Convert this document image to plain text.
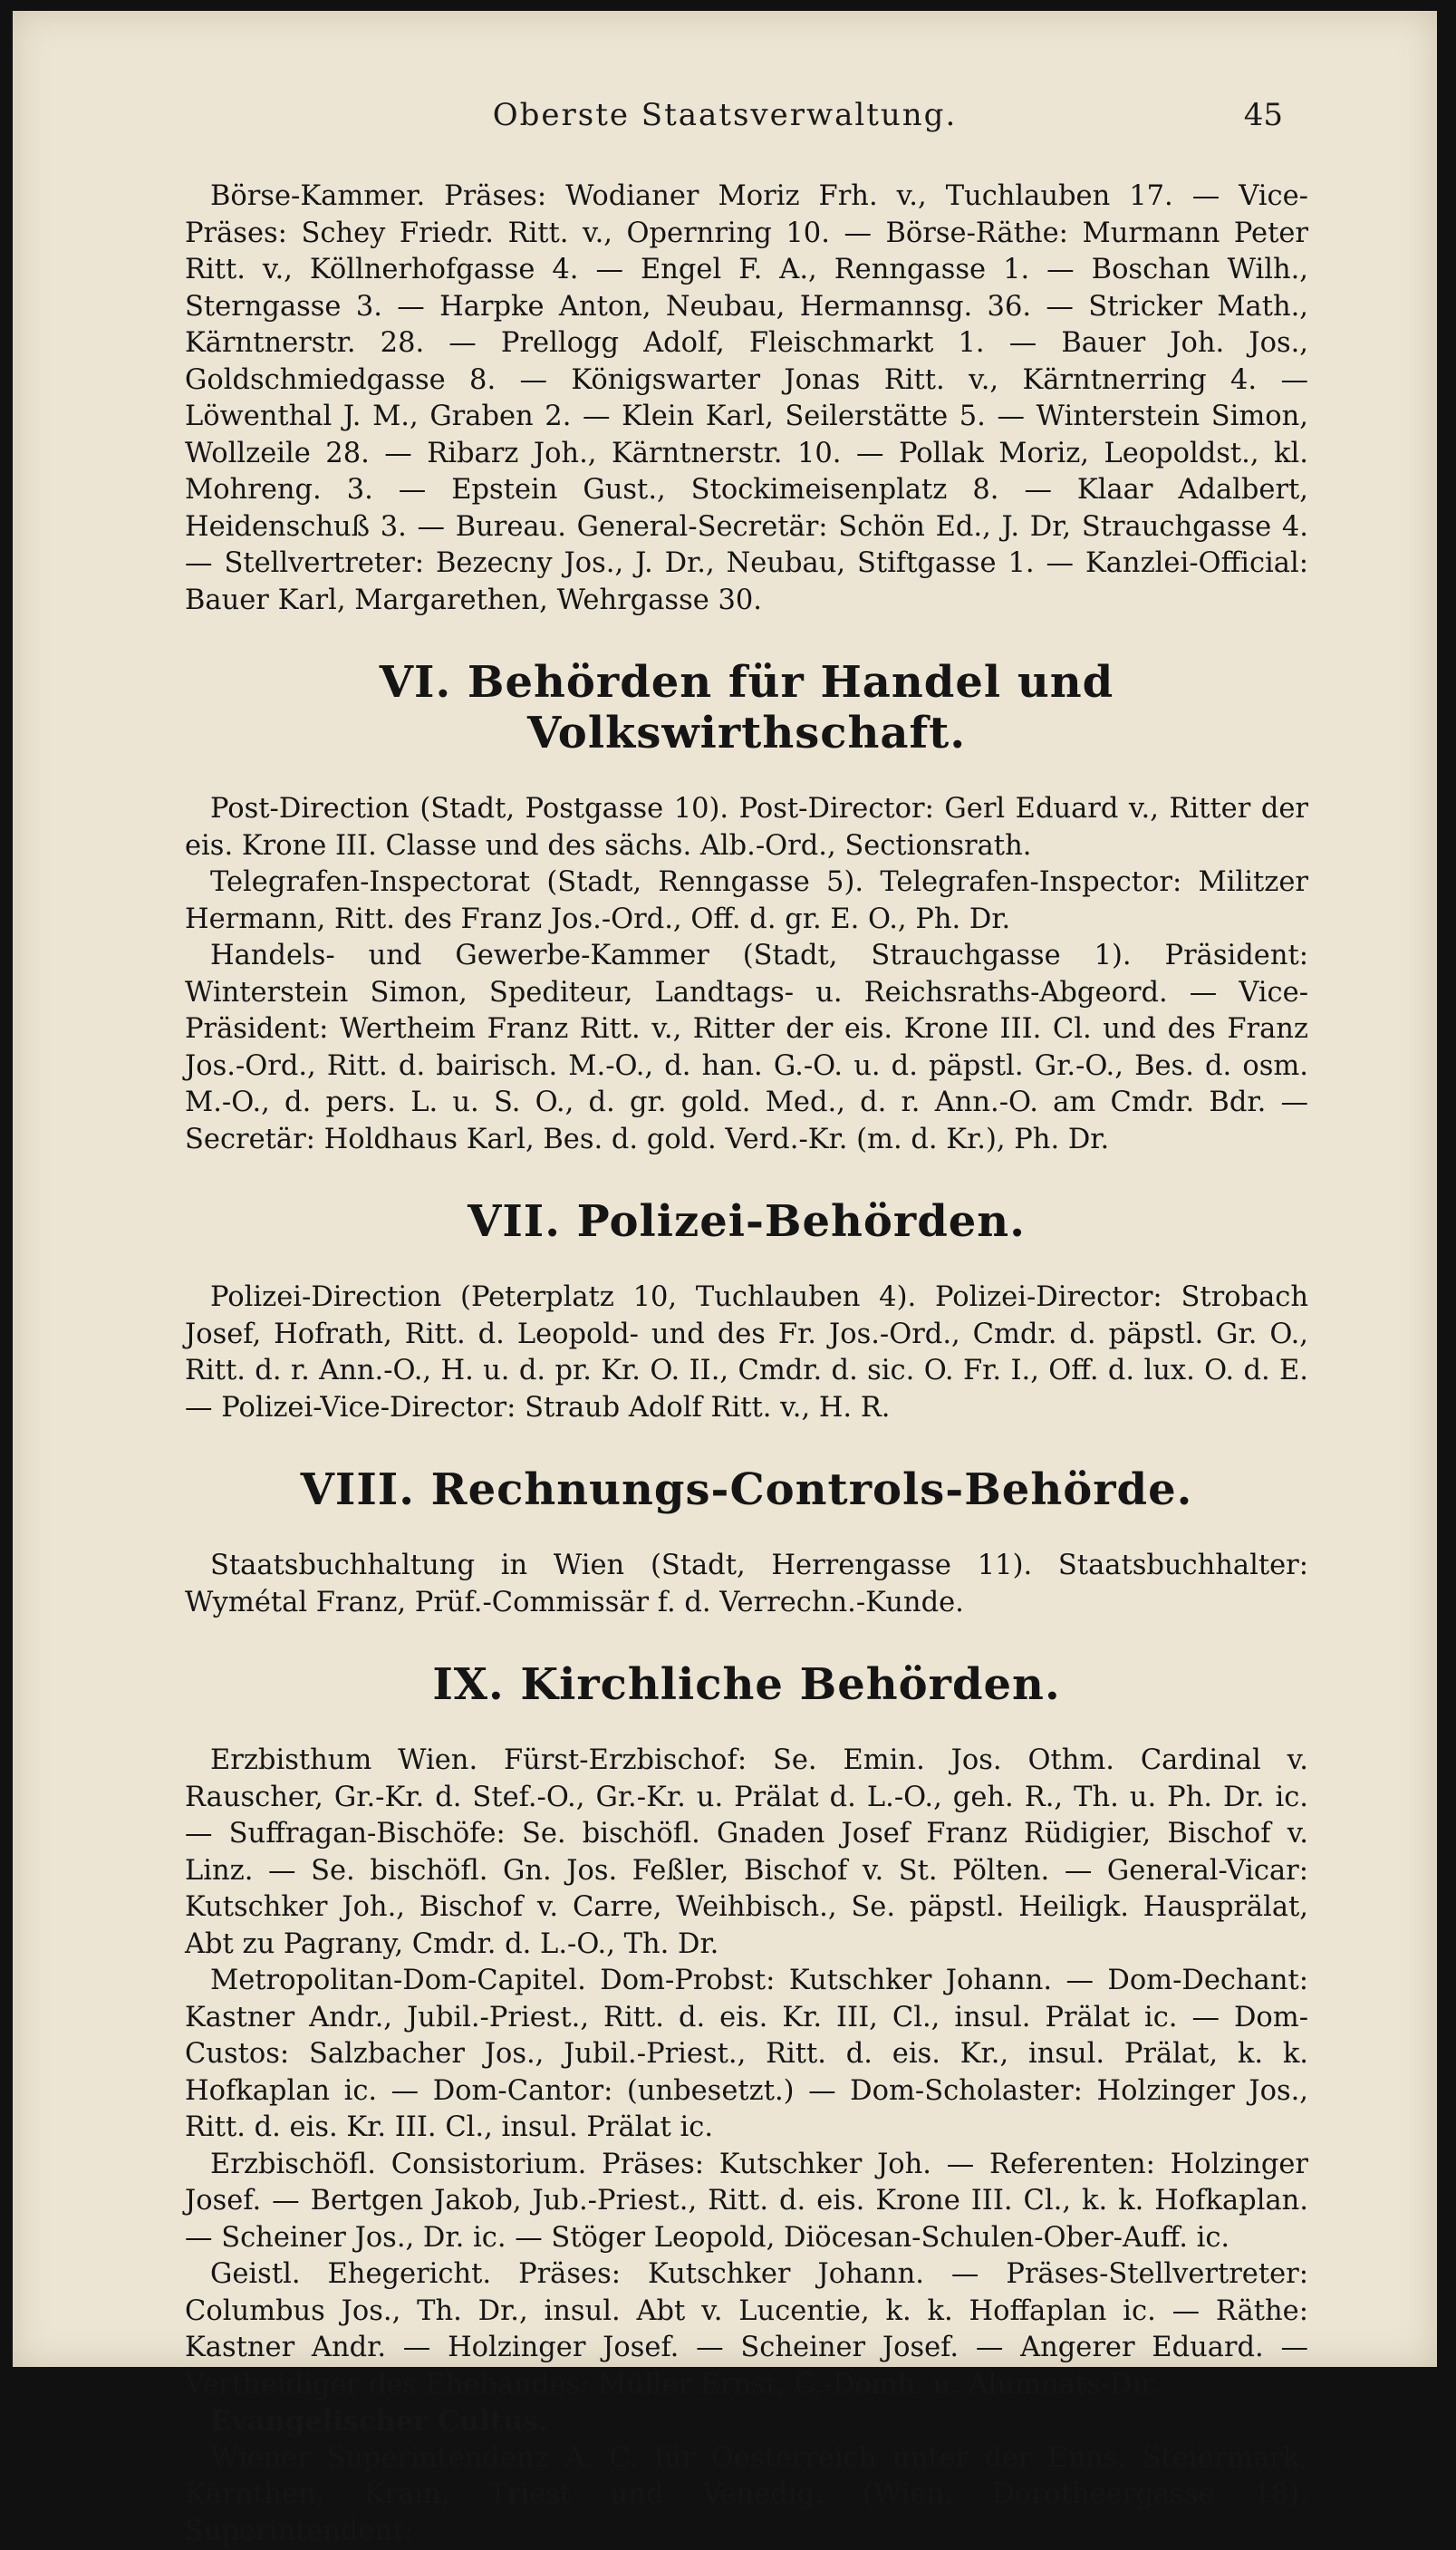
Oberste Staatsverwaltung.	45

Börse-Kammer. Präses: Wodianer Moriz Frh. v., Tuchlauben 17. — Vice-Präses: Schey Friedr. Ritt. v., Opernring 10. — Börse-Räthe: Murmann Peter Ritt. v., Köllnerhofgasse 4. — Engel F. A., Renngasse 1. — Boschan Wilh., Sterngasse 3. — Harpke Anton, Neubau, Hermannsg. 36. — Stricker Math., Kärntnerstr. 28. — Prellogg Adolf, Fleischmarkt 1. — Bauer Joh. Jos., Goldschmiedgasse 8. — Königswarter Jonas Ritt. v., Kärntnerring 4. — Löwenthal J. M., Graben 2. — Klein Karl, Seilerstätte 5. — Winterstein Simon, Wollzeile 28. — Ribarz Joh., Kärntnerstr. 10. — Pollak Moriz, Leopoldst., kl. Mohreng. 3. — Epstein Gust., Stockimeisenplatz 8. — Klaar Adalbert, Heidenschuß 3. — Bureau. General-Secretär: Schön Ed., J. Dr, Strauchgasse 4. — Stellvertreter: Bezecny Jos., J. Dr., Neubau, Stiftgasse 1. — Kanzlei-Official: Bauer Karl, Margarethen, Wehrgasse 30.

VI. Behörden für Handel und Volkswirthschaft.

Post-Direction (Stadt, Postgasse 10). Post-Director: Gerl Eduard v., Ritter der eis. Krone III. Classe und des sächs. Alb.-Ord., Sectionsrath.

Telegrafen-Inspectorat (Stadt, Renngasse 5). Telegrafen-Inspector: Militzer Hermann, Ritt. des Franz Jos.-Ord., Off. d. gr. E. O., Ph. Dr.

Handels- und Gewerbe-Kammer (Stadt, Strauchgasse 1). Präsident: Winterstein Simon, Spediteur, Landtags- u. Reichsraths-Abgeord. — Vice-Präsident: Wertheim Franz Ritt. v., Ritter der eis. Krone III. Cl. und des Franz Jos.-Ord., Ritt. d. bairisch. M.-O., d. han. G.-O. u. d. päpstl. Gr.-O., Bes. d. osm. M.-O., d. pers. L. u. S. O., d. gr. gold. Med., d. r. Ann.-O. am Cmdr. Bdr. — Secretär: Holdhaus Karl, Bes. d. gold. Verd.-Kr. (m. d. Kr.), Ph. Dr.

VII. Polizei-Behörden.

Polizei-Direction (Peterplatz 10, Tuchlauben 4). Polizei-Director: Strobach Josef, Hofrath, Ritt. d. Leopold- und des Fr. Jos.-Ord., Cmdr. d. päpstl. Gr. O., Ritt. d. r. Ann.-O., H. u. d. pr. Kr. O. II., Cmdr. d. sic. O. Fr. I., Off. d. lux. O. d. E. — Polizei-Vice-Director: Straub Adolf Ritt. v., H. R.

VIII. Rechnungs-Controls-Behörde.

Staatsbuchhaltung in Wien (Stadt, Herrengasse 11). Staatsbuchhalter: Wymétal Franz, Prüf.-Commissär f. d. Verrechn.-Kunde.

IX. Kirchliche Behörden.

Erzbisthum Wien. Fürst-Erzbischof: Se. Emin. Jos. Othm. Cardinal v. Rauscher, Gr.-Kr. d. Stef.-O., Gr.-Kr. u. Prälat d. L.-O., geh. R., Th. u. Ph. Dr. ic. — Suffragan-Bischöfe: Se. bischöfl. Gnaden Josef Franz Rüdigier, Bischof v. Linz. — Se. bischöfl. Gn. Jos. Feßler, Bischof v. St. Pölten. — General-Vicar: Kutschker Joh., Bischof v. Carre, Weihbisch., Se. päpstl. Heiligk. Hausprälat, Abt zu Pagrany, Cmdr. d. L.-O., Th. Dr.

Metropolitan-Dom-Capitel. Dom-Probst: Kutschker Johann. — Dom-Dechant: Kastner Andr., Jubil.-Priest., Ritt. d. eis. Kr. III, Cl., insul. Prälat ic. — Dom-Custos: Salzbacher Jos., Jubil.-Priest., Ritt. d. eis. Kr., insul. Prälat, k. k. Hofkaplan ic. — Dom-Cantor: (unbesetzt.) — Dom-Scholaster: Holzinger Jos., Ritt. d. eis. Kr. III. Cl., insul. Prälat ic.

Erzbischöfl. Consistorium. Präses: Kutschker Joh. — Referenten: Holzinger Josef. — Bertgen Jakob, Jub.-Priest., Ritt. d. eis. Krone III. Cl., k. k. Hofkaplan. — Scheiner Jos., Dr. ic. — Stöger Leopold, Diöcesan-Schulen-Ober-Auff. ic.

Geistl. Ehegericht. Präses: Kutschker Johann. — Präses-Stellvertreter: Columbus Jos., Th. Dr., insul. Abt v. Lucentie, k. k. Hoffaplan ic. — Räthe: Kastner Andr. — Holzinger Josef. — Scheiner Josef. — Angerer Eduard. — Vertheidiger des Ehebandes: Müller Ernst, C.-Domh. u. Alumnats-Dir.

Evangelischer Cultus.

Wiener Superintendenz A. C. für Oesterreich unter der Enns, Steiermark, Kärnthen, Krain, Triest und Venedig. (Wien, Dorotheergasse 18). Superintendent:
